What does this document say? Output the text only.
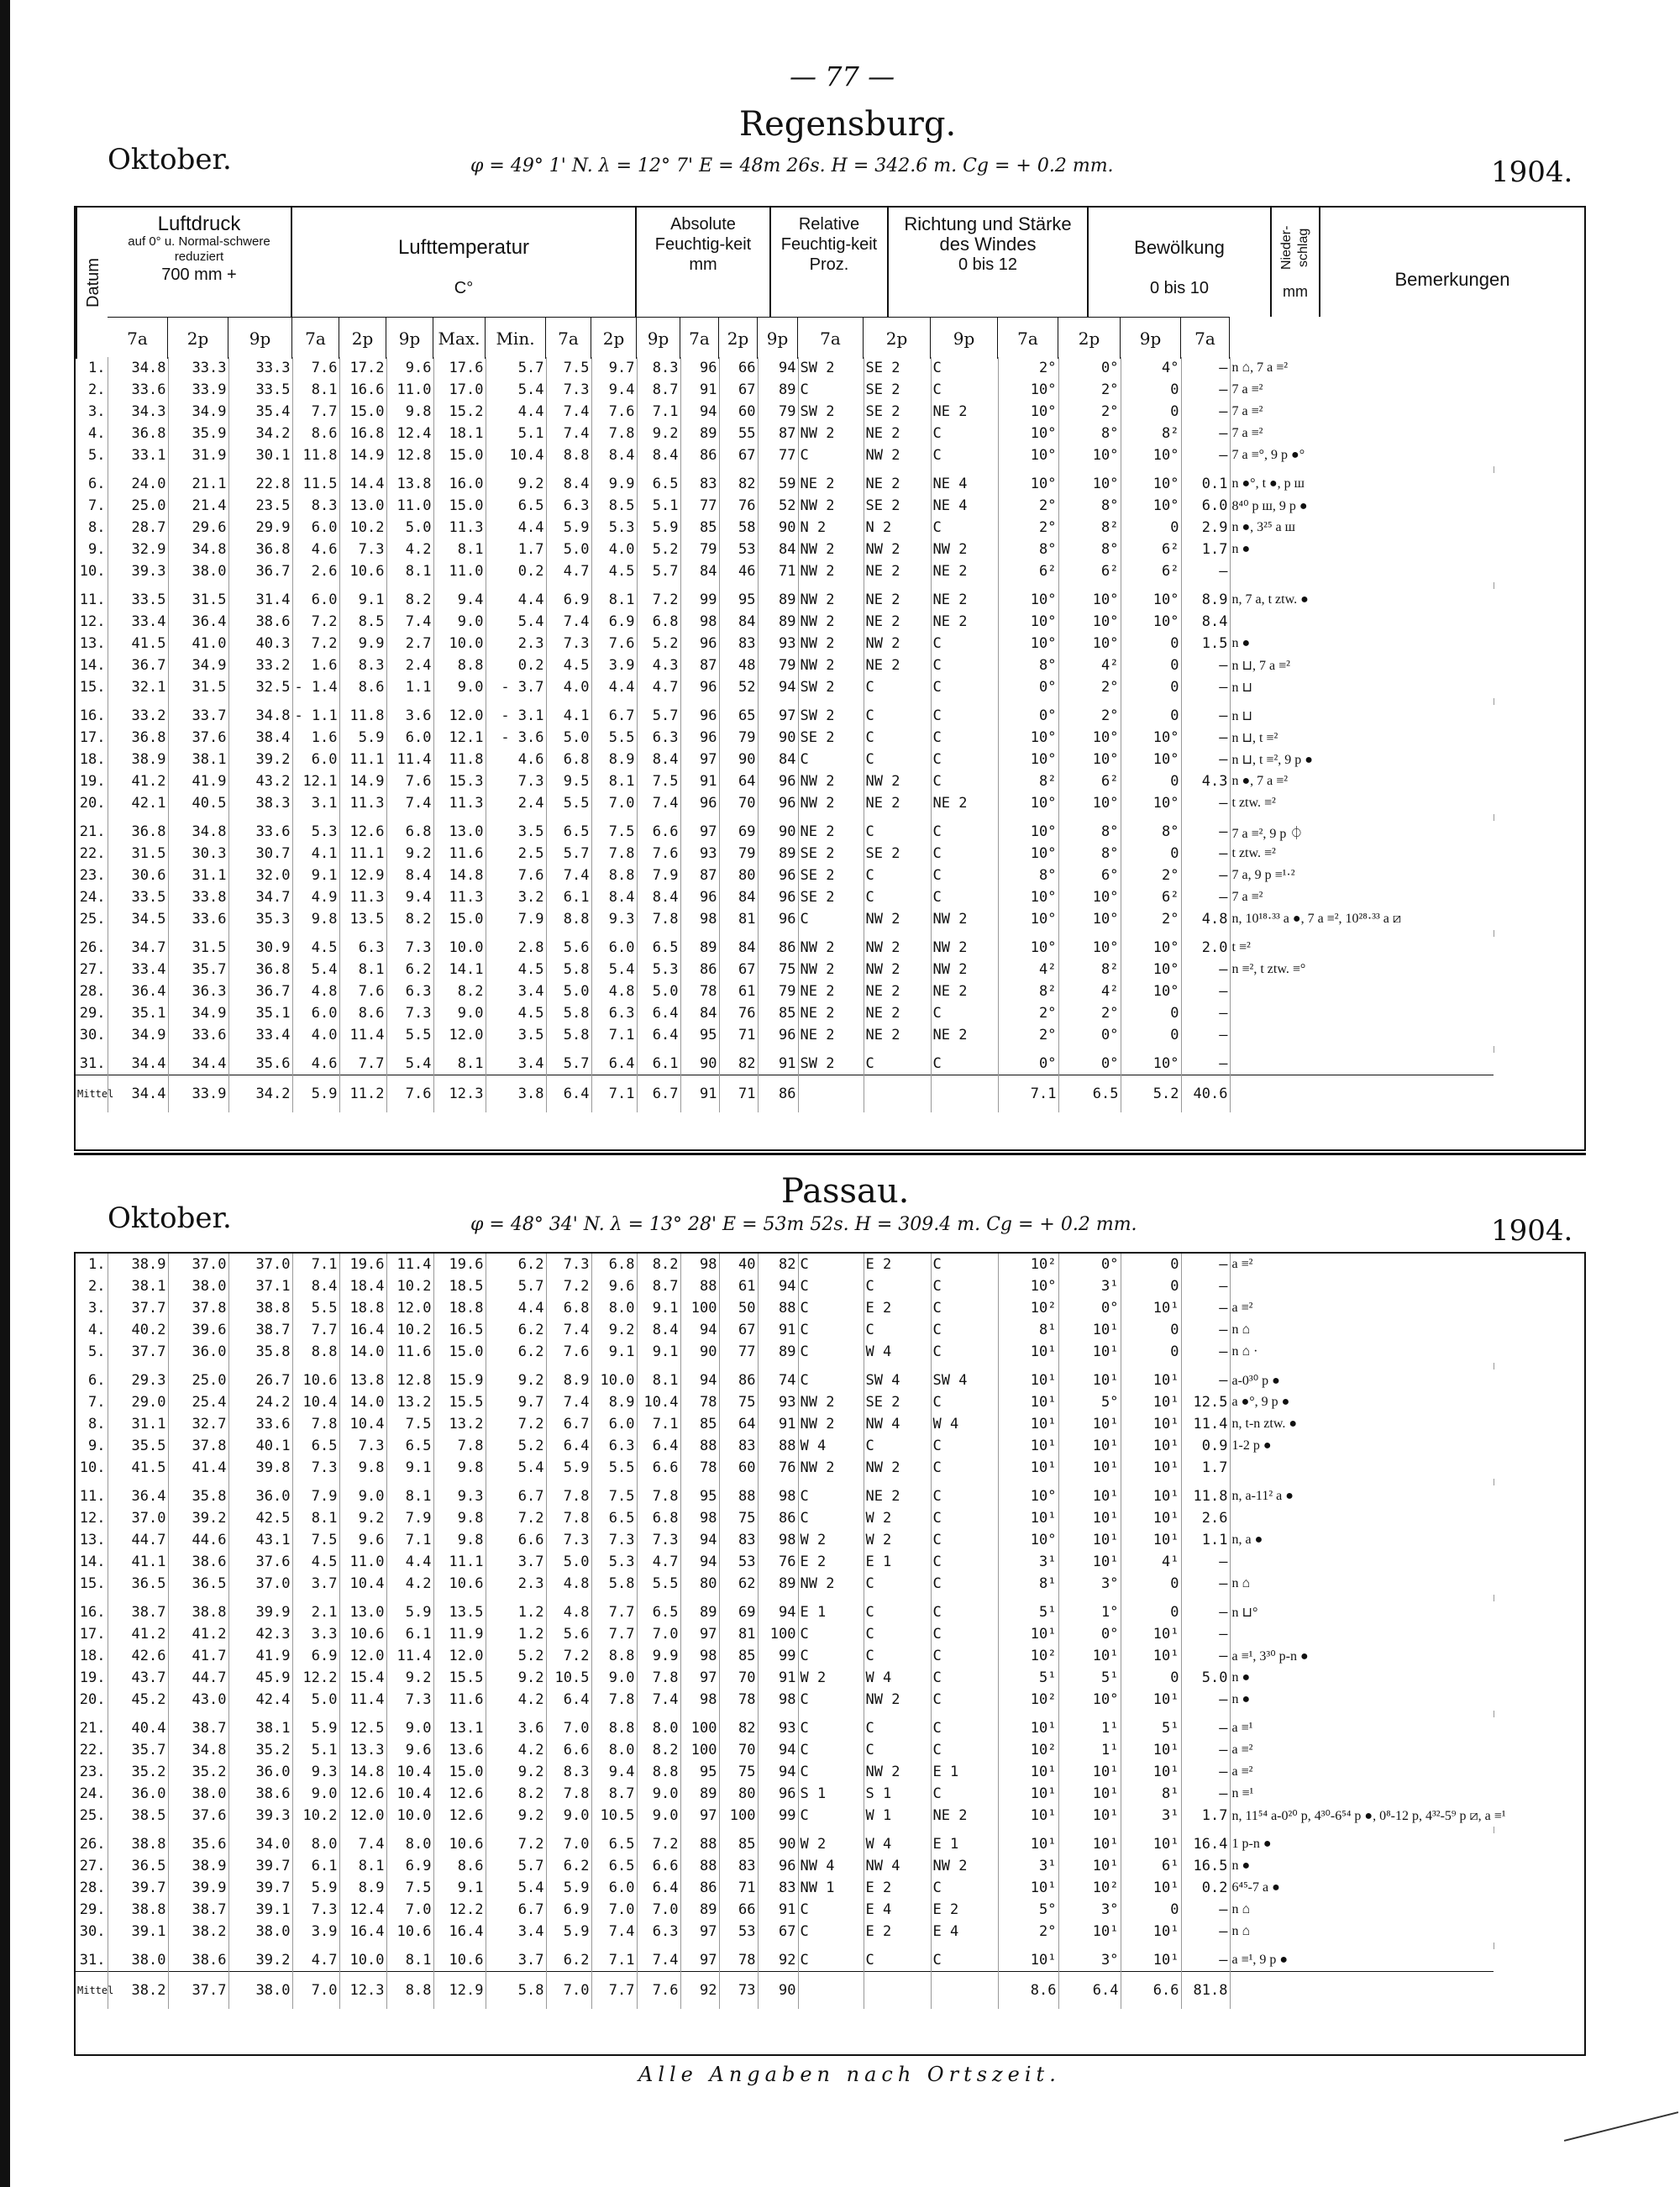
— 77 —
Regensburg.
Oktober.	φ = 49° 1' N. λ = 12° 7' E = 48m 26s. H = 342.6 m. Cg = + 0.2 mm.	1904.
Datum
Luftdruck
auf 0° u. Normal-schwere reduziert
700 mm +
Lufttemperatur
C°
Absolute Feuchtig-keit
mm
Relative Feuchtig-keit
Proz.
Richtung und Stärke des Windes
0 bis 12
Bewölkung
0 bis 10
Nieder-schlag
mm
Bemerkungen
7a	2p	9p	7a	2p	9p	Max. Min.	7a	2p	9p	7a	2p	9p	7a	2p	9p	7a	2p	9p	7a
1.	34.8	33.3	33.3	7.6	17.2	9.6	17.6	5.7	7.5	9.7	8.3	96	66	94	SW 2	SE 2	C	2°	0°	4°	–	n ⌂, 7 a ≡²
2.	33.6	33.9	33.5	8.1	16.6	11.0	17.0	5.4	7.3	9.4	8.7	91	67	89	C	SE 2	C	10°	2°	0	–	7 a ≡²
3.	34.3	34.9	35.4	7.7	15.0	9.8	15.2	4.4	7.4	7.6	7.1	94	60	79	SW 2	SE 2	NE 2	10°	2°	0	–	7 a ≡²
4.	36.8	35.9	34.2	8.6	16.8	12.4	18.1	5.1	7.4	7.8	9.2	89	55	87	NW 2	NE 2	C	10°	8°	8²	–	7 a ≡²
5.	33.1	31.9	30.1	11.8	14.9	12.8	15.0	10.4	8.8	8.4	8.4	86	67	77	C	NW 2	C	10°	10°	10°	–	7 a ≡°, 9 p ●°

6.	24.0	21.1	22.8	11.5	14.4	13.8	16.0	9.2	8.4	9.9	6.5	83	82	59	NE 2	NE 2	NE 4	10°	10°	10°	0.1	n ●°, t ●, p ш
7.	25.0	21.4	23.5	8.3	13.0	11.0	15.0	6.5	6.3	8.5	5.1	77	76	52	NW 2	SE 2	NE 4	2°	8°	10°	6.0	8⁴⁰ p ш, 9 p ●
8.	28.7	29.6	29.9	6.0	10.2	5.0	11.3	4.4	5.9	5.3	5.9	85	58	90	N 2	N 2	C	2°	8²	0	2.9	n ●, 3²⁵ a ш
9.	32.9	34.8	36.8	4.6	7.3	4.2	8.1	1.7	5.0	4.0	5.2	79	53	84	NW 2	NW 2	NW 2	8°	8°	6²	1.7	n ●
10.	39.3	38.0	36.7	2.6	10.6	8.1	11.0	0.2	4.7	4.5	5.7	84	46	71	NW 2	NE 2	NE 2	6²	6²	6²	–	

11.	33.5	31.5	31.4	6.0	9.1	8.2	9.4	4.4	6.9	8.1	7.2	99	95	89	NW 2	NE 2	NE 2	10°	10°	10°	8.9	n, 7 a, t ztw. ●
12.	33.4	36.4	38.6	7.2	8.5	7.4	9.0	5.4	7.4	6.9	6.8	98	84	89	NW 2	NE 2	NE 2	10°	10°	10°	8.4	
13.	41.5	41.0	40.3	7.2	9.9	2.7	10.0	2.3	7.3	7.6	5.2	96	83	93	NW 2	NW 2	C	10°	10°	0	1.5	n ●
14.	36.7	34.9	33.2	1.6	8.3	2.4	8.8	0.2	4.5	3.9	4.3	87	48	79	NW 2	NE 2	C	8°	4²	0	–	n ⊔, 7 a ≡²
15.	32.1	31.5	32.5	- 1.4	8.6	1.1	9.0	- 3.7	4.0	4.4	4.7	96	52	94	SW 2	C	C	0°	2°	0	–	n ⊔

16.	33.2	33.7	34.8	- 1.1	11.8	3.6	12.0	- 3.1	4.1	6.7	5.7	96	65	97	SW 2	C	C	0°	2°	0	–	n ⊔
17.	36.8	37.6	38.4	1.6	5.9	6.0	12.1	- 3.6	5.0	5.5	6.3	96	79	90	SE 2	C	C	10°	10°	10°	–	n ⊔, t ≡²
18.	38.9	38.1	39.2	6.0	11.1	11.4	11.8	4.6	6.8	8.9	8.4	97	90	84	C	C	C	10°	10°	10°	–	n ⊔, t ≡², 9 p ●
19.	41.2	41.9	43.2	12.1	14.9	7.6	15.3	7.3	9.5	8.1	7.5	91	64	96	NW 2	NW 2	C	8²	6²	0	4.3	n ●, 7 a ≡²
20.	42.1	40.5	38.3	3.1	11.3	7.4	11.3	2.4	5.5	7.0	7.4	96	70	96	NW 2	NE 2	NE 2	10°	10°	10°	–	t ztw. ≡²

21.	36.8	34.8	33.6	5.3	12.6	6.8	13.0	3.5	6.5	7.5	6.6	97	69	90	NE 2	C	C	10°	8°	8°	–	7 a ≡², 9 p ⏀
22.	31.5	30.3	30.7	4.1	11.1	9.2	11.6	2.5	5.7	7.8	7.6	93	79	89	SE 2	SE 2	C	10°	8°	0	–	t ztw. ≡²
23.	30.6	31.1	32.0	9.1	12.9	8.4	14.8	7.6	7.4	8.8	7.9	87	80	96	SE 2	C	C	8°	6°	2°	–	7 a, 9 p ≡¹·²
24.	33.5	33.8	34.7	4.9	11.3	9.4	11.3	3.2	6.1	8.4	8.4	96	84	96	SE 2	C	C	10°	10°	6²	–	7 a ≡²
25.	34.5	33.6	35.3	9.8	13.5	8.2	15.0	7.9	8.8	9.3	7.8	98	81	96	C	NW 2	NW 2	10°	10°	2°	4.8	n, 10¹⁸·³³ a ●, 7 a ≡², 10²⁸·³³ a ⧄

26.	34.7	31.5	30.9	4.5	6.3	7.3	10.0	2.8	5.6	6.0	6.5	89	84	86	NW 2	NW 2	NW 2	10°	10°	10°	2.0	t ≡²
27.	33.4	35.7	36.8	5.4	8.1	6.2	14.1	4.5	5.8	5.4	5.3	86	67	75	NW 2	NW 2	NW 2	4²	8²	10°	–	n ≡², t ztw. ≡°
28.	36.4	36.3	36.7	4.8	7.6	6.3	8.2	3.4	5.0	4.8	5.0	78	61	79	NE 2	NE 2	NE 2	8²	4²	10°	–	
29.	35.1	34.9	35.1	6.0	8.6	7.3	9.0	4.5	5.8	6.3	6.4	84	76	85	NE 2	NE 2	C	2°	2°	0	–	
30.	34.9	33.6	33.4	4.0	11.4	5.5	12.0	3.5	5.8	7.1	6.4	95	71	96	NE 2	NE 2	NE 2	2°	0°	0	–	

31.	34.4	34.4	35.6	4.6	7.7	5.4	8.1	3.4	5.7	6.4	6.1	90	82	91	SW 2	C	C	0°	0°	10°	–	
Mittel	34.4	33.9	34.2	5.9	11.2	7.6	12.3	3.8	6.4	7.1	6.7	91	71	86				7.1	6.5	5.2	40.6	
Passau.
Oktober.	φ = 48° 34' N. λ = 13° 28' E = 53m 52s. H = 309.4 m. Cg = + 0.2 mm.	1904.
1.	38.9	37.0	37.0	7.1	19.6	11.4	19.6	6.2	7.3	6.8	8.2	98	40	82	C	E 2	C	10²	0°	0	–	a ≡²
2.	38.1	38.0	37.1	8.4	18.4	10.2	18.5	5.7	7.2	9.6	8.7	88	61	94	C	C	C	10°	3¹	0	–	
3.	37.7	37.8	38.8	5.5	18.8	12.0	18.8	4.4	6.8	8.0	9.1	100	50	88	C	E 2	C	10²	0°	10¹	–	a ≡²
4.	40.2	39.6	38.7	7.7	16.4	10.2	16.5	6.2	7.4	9.2	8.4	94	67	91	C	C	C	8¹	10¹	0	–	n ⌂
5.	37.7	36.0	35.8	8.8	14.0	11.6	15.0	6.2	7.6	9.1	9.1	90	77	89	C	W 4	C	10¹	10¹	0	–	n ⌂ ·

6.	29.3	25.0	26.7	10.6	13.8	12.8	15.9	9.2	8.9	10.0	8.1	94	86	74	C	SW 4	SW 4	10¹	10¹	10¹	–	a-0³⁰ p ●
7.	29.0	25.4	24.2	10.4	14.0	13.2	15.5	9.7	7.4	8.9	10.4	78	75	93	NW 2	SE 2	C	10¹	5°	10¹	12.5	a ●°, 9 p ●
8.	31.1	32.7	33.6	7.8	10.4	7.5	13.2	7.2	6.7	6.0	7.1	85	64	91	NW 2	NW 4	W 4	10¹	10¹	10¹	11.4	n, t-n ztw. ●
9.	35.5	37.8	40.1	6.5	7.3	6.5	7.8	5.2	6.4	6.3	6.4	88	83	88	W 4	C	C	10¹	10¹	10¹	0.9	1-2 p ●
10.	41.5	41.4	39.8	7.3	9.8	9.1	9.8	5.4	5.9	5.5	6.6	78	60	76	NW 2	NW 2	C	10¹	10¹	10¹	1.7	

11.	36.4	35.8	36.0	7.9	9.0	8.1	9.3	6.7	7.8	7.5	7.8	95	88	98	C	NE 2	C	10°	10¹	10¹	11.8	n, a-11² a ●
12.	37.0	39.2	42.5	8.1	9.2	7.9	9.8	7.2	7.8	6.5	6.8	98	75	86	C	W 2	C	10¹	10¹	10¹	2.6	
13.	44.7	44.6	43.1	7.5	9.6	7.1	9.8	6.6	7.3	7.3	7.3	94	83	98	W 2	W 2	C	10°	10¹	10¹	1.1	n, a ●
14.	41.1	38.6	37.6	4.5	11.0	4.4	11.1	3.7	5.0	5.3	4.7	94	53	76	E 2	E 1	C	3¹	10¹	4¹	–	
15.	36.5	36.5	37.0	3.7	10.4	4.2	10.6	2.3	4.8	5.8	5.5	80	62	89	NW 2	C	C	8¹	3°	0	–	n ⌂

16.	38.7	38.8	39.9	2.1	13.0	5.9	13.5	1.2	4.8	7.7	6.5	89	69	94	E 1	C	C	5¹	1°	0	–	n ⊔°
17.	41.2	41.2	42.3	3.3	10.6	6.1	11.9	1.2	5.6	7.7	7.0	97	81	100	C	C	C	10¹	0°	10¹	–	
18.	42.6	41.7	41.9	6.9	12.0	11.4	12.0	5.2	7.2	8.8	9.9	98	85	99	C	C	C	10²	10¹	10¹	–	a ≡¹, 3³⁰ p-n ●
19.	43.7	44.7	45.9	12.2	15.4	9.2	15.5	9.2	10.5	9.0	7.8	97	70	91	W 2	W 4	C	5¹	5¹	0	5.0	n ●
20.	45.2	43.0	42.4	5.0	11.4	7.3	11.6	4.2	6.4	7.8	7.4	98	78	98	C	NW 2	C	10²	10°	10¹	–	n ●

21.	40.4	38.7	38.1	5.9	12.5	9.0	13.1	3.6	7.0	8.8	8.0	100	82	93	C	C	C	10¹	1¹	5¹	–	a ≡¹
22.	35.7	34.8	35.2	5.1	13.3	9.6	13.6	4.2	6.6	8.0	8.2	100	70	94	C	C	C	10²	1¹	10¹	–	a ≡²
23.	35.2	35.2	36.0	9.3	14.8	10.4	15.0	9.2	8.3	9.4	8.8	95	75	94	C	NW 2	E 1	10¹	10¹	10¹	–	a ≡²
24.	36.0	38.0	38.6	9.0	12.6	10.4	12.6	8.2	7.8	8.7	9.0	89	80	96	S 1	S 1	C	10¹	10¹	8¹	–	n ≡¹
25.	38.5	37.6	39.3	10.2	12.0	10.0	12.6	9.2	9.0	10.5	9.0	97	100	99	C	W 1	NE 2	10¹	10¹	3¹	1.7	n, 11⁵⁴ a-0²⁰ p, 4³⁰-6⁵⁴ p ●, 0⁸-12 p, 4³²-5⁹ p ⧄, a ≡¹

26.	38.8	35.6	34.0	8.0	7.4	8.0	10.6	7.2	7.0	6.5	7.2	88	85	90	W 2	W 4	E 1	10¹	10¹	10¹	16.4	1 p-n ●
27.	36.5	38.9	39.7	6.1	8.1	6.9	8.6	5.7	6.2	6.5	6.6	88	83	96	NW 4	NW 4	NW 2	3¹	10¹	6¹	16.5	n ●
28.	39.7	39.9	39.7	5.9	8.9	7.5	9.1	5.4	5.9	6.0	6.4	86	71	83	NW 1	E 2	C	10¹	10²	10¹	0.2	6⁴⁵-7 a ●
29.	38.8	38.7	39.1	7.3	12.4	7.0	12.2	6.7	6.9	7.0	7.0	89	66	91	C	E 4	E 2	5°	3°	0	–	n ⌂
30.	39.1	38.2	38.0	3.9	16.4	10.6	16.4	3.4	5.9	7.4	6.3	97	53	67	C	E 2	E 4	2°	10¹	10¹	–	n ⌂

31.	38.0	38.6	39.2	4.7	10.0	8.1	10.6	3.7	6.2	7.1	7.4	97	78	92	C	C	C	10¹	3°	10¹	–	a ≡¹, 9 p ●
Mittel	38.2	37.7	38.0	7.0	12.3	8.8	12.9	5.8	7.0	7.7	7.6	92	73	90				8.6	6.4	6.6	81.8	
Alle Angaben nach Ortszeit.
